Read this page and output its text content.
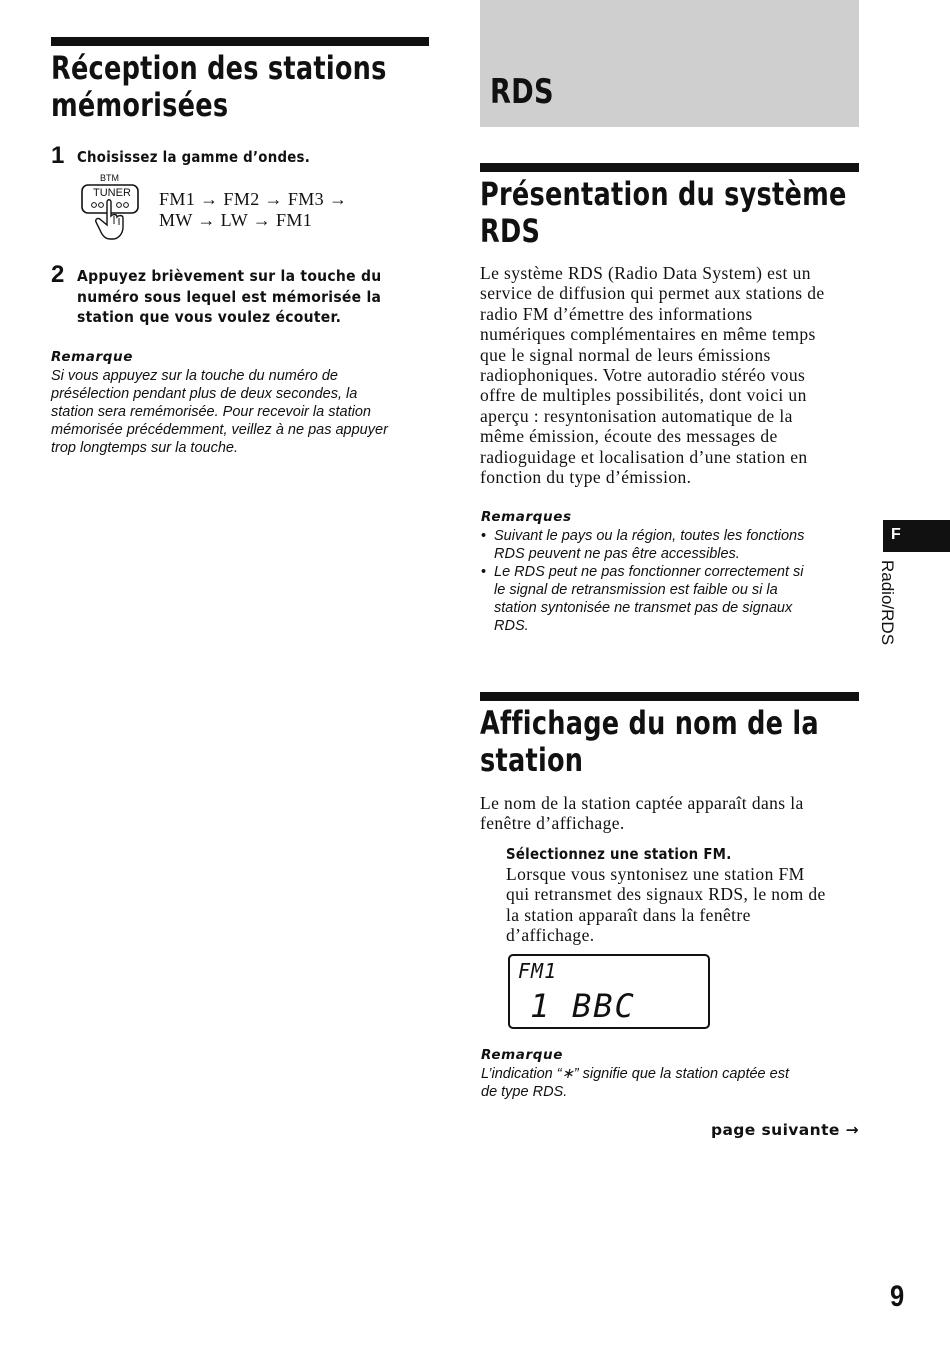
Réception des stations
mémorisées
1 Choisissez la gamme d’ondes.
BTM
TUNER FM1 → FM2 → FM3 →
MW → LW → FM1
2 Appuyez brièvement sur la touche du
numéro sous lequel est mémorisée la
station que vous voulez écouter.
Remarque
Si vous appuyez sur la touche du numéro de
présélection pendant plus de deux secondes, la
station sera remémorisée. Pour recevoir la station
mémorisée précédemment, veillez à ne pas appuyer
trop longtemps sur la touche.
RDS
Présentation du système
RDS
Le système RDS (Radio Data System) est un
service de diffusion qui permet aux stations de
radio FM d’émettre des informations
numériques complémentaires en même temps
que le signal normal de leurs émissions
radiophoniques. Votre autoradio stéréo vous
offre de multiples possibilités, dont voici un
aperçu : resyntonisation automatique de la
même émission, écoute des messages de
radioguidage et localisation d’une station en
fonction du type d’émission.
Remarques
• Suivant le pays ou la région, toutes les fonctions
RDS peuvent ne pas être accessibles.
• Le RDS peut ne pas fonctionner correctement si
le signal de retransmission est faible ou si la
station syntonisée ne transmet pas de signaux
RDS.
Affichage du nom de la
station
Le nom de la station captée apparaît dans la
fenêtre d’affichage.
Sélectionnez une station FM.
Lorsque vous syntonisez une station FM
qui retransmet des signaux RDS, le nom de
la station apparaît dans la fenêtre
d’affichage.
FM1
1 BBC
Remarque
L’indication “∗” signifie que la station captée est
de type RDS.
page suivante →
F
Radio/RDS
9
